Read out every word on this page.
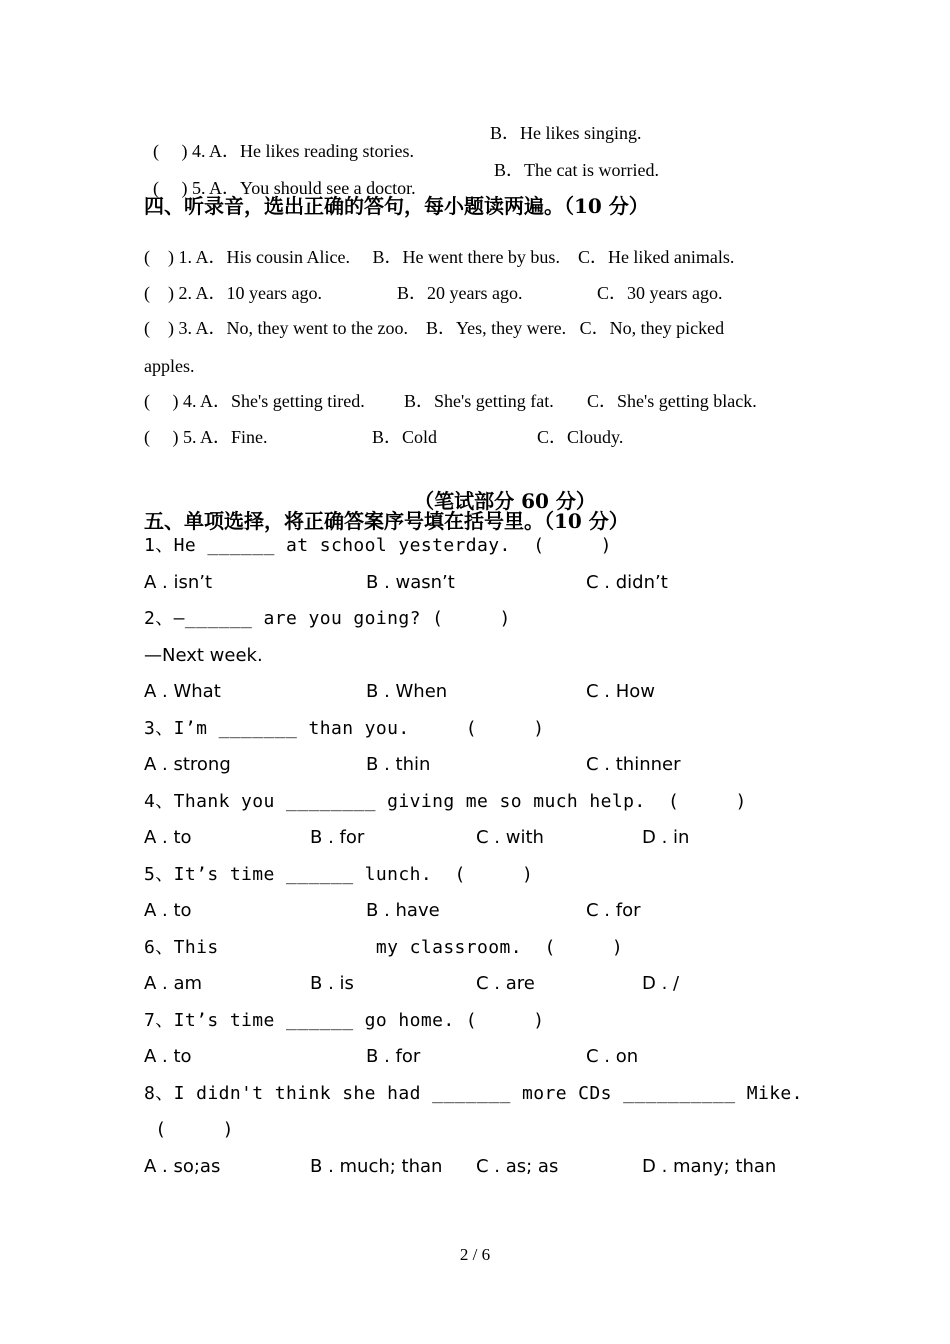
(     ) 4. A．He likes reading stories.

B．He likes singing.

(     ) 5. A．You should see a doctor.

B．The cat is worried.
四、听录音，选出正确的答句，每小题读两遍。（10 分）
(    ) 1. A．His cousin Alice.     B．He went there by bus.    C．He liked animals.
(    ) 2. A．10 years ago.	B．20 years ago.	C．30 years ago.
(    ) 3. A．No, they went to the zoo.    B．Yes, they were.   C．No, they picked
apples.
(     ) 4. A．She's getting tired. B．She's getting fat. C．She's getting black.
(     ) 5. A．Fine.	B．Cold	C．Cloudy.
（笔试部分 60 分）
五、单项选择，将正确答案序号填在括号里。（10 分）
1、He ______ at school yesterday.  (     )
A . isn’t	B . wasn’t	C . didn’t
2、—______ are you going? (     )
—Next week.
A . What	B . When	C . How
3、I’m _______ than you.     (     )
A . strong	B . thin	C . thinner
4、Thank you ________ giving me so much help.  (     )
A . to	B . for	C . with	D . in
5、It’s time ______ lunch.  (     )
A . to	B . have	C . for
6、This              my classroom.  (     )
A . am	B . is	C . are	D . /
7、It’s time ______ go home. (     )
A . to	B . for	C . on
8、I didn't think she had _______ more CDs __________ Mike.
(     )
A . so;as	B . much; than C . as; as	D . many; than
2 / 6
